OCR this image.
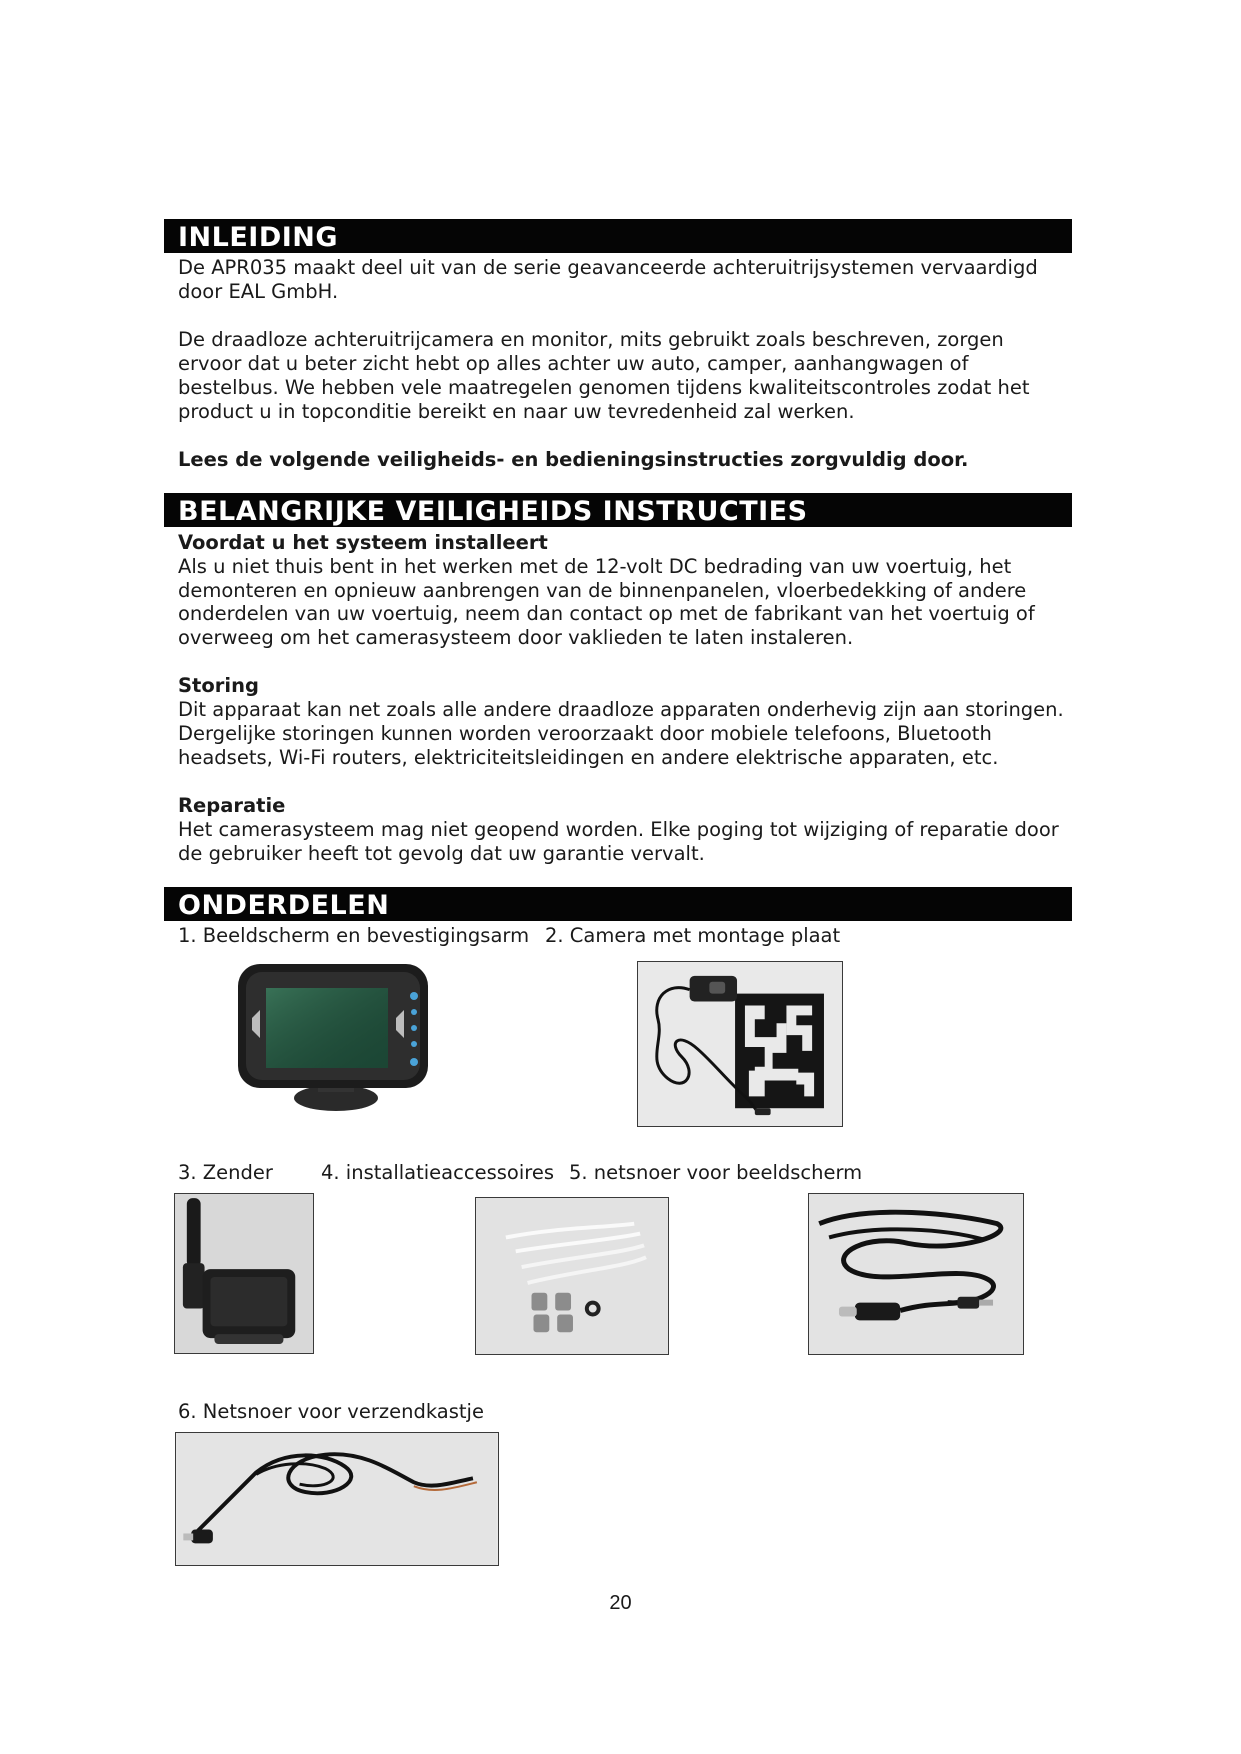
INLEIDING
De APR035 maakt deel uit van de serie geavanceerde achteruitrijsystemen vervaardigd
door EAL GmbH.
De draadloze achteruitrijcamera en monitor, mits gebruikt zoals beschreven, zorgen
ervoor dat u beter zicht hebt op alles achter uw auto, camper, aanhangwagen of
bestelbus. We hebben vele maatregelen genomen tijdens kwaliteitscontroles zodat het
product u in topconditie bereikt en naar uw tevredenheid zal werken.
Lees de volgende veiligheids- en bedieningsinstructies zorgvuldig door.
BELANGRIJKE VEILIGHEIDS INSTRUCTIES
Voordat u het systeem installeert
Als u niet thuis bent in het werken met de 12-volt DC bedrading van uw voertuig, het
demonteren en opnieuw aanbrengen van de binnenpanelen, vloerbedekking of andere
onderdelen van uw voertuig, neem dan contact op met de fabrikant van het voertuig of
overweeg om het camerasysteem door vaklieden te laten instaleren.
Storing
Dit apparaat kan net zoals alle andere draadloze apparaten onderhevig zijn aan storingen.
Dergelijke storingen kunnen worden veroorzaakt door mobiele telefoons, Bluetooth
headsets, Wi-Fi routers, elektriciteitsleidingen en andere elektrische apparaten, etc.
Reparatie
Het camerasysteem mag niet geopend worden. Elke poging tot wijziging of reparatie door
de gebruiker heeft tot gevolg dat uw garantie vervalt.
ONDERDELEN
1. Beeldscherm en bevestigingsarm 2. Camera met montage plaat
3. Zender	4. installatieaccessoires 5. netsnoer voor beeldscherm
6. Netsnoer voor verzendkastje
20
